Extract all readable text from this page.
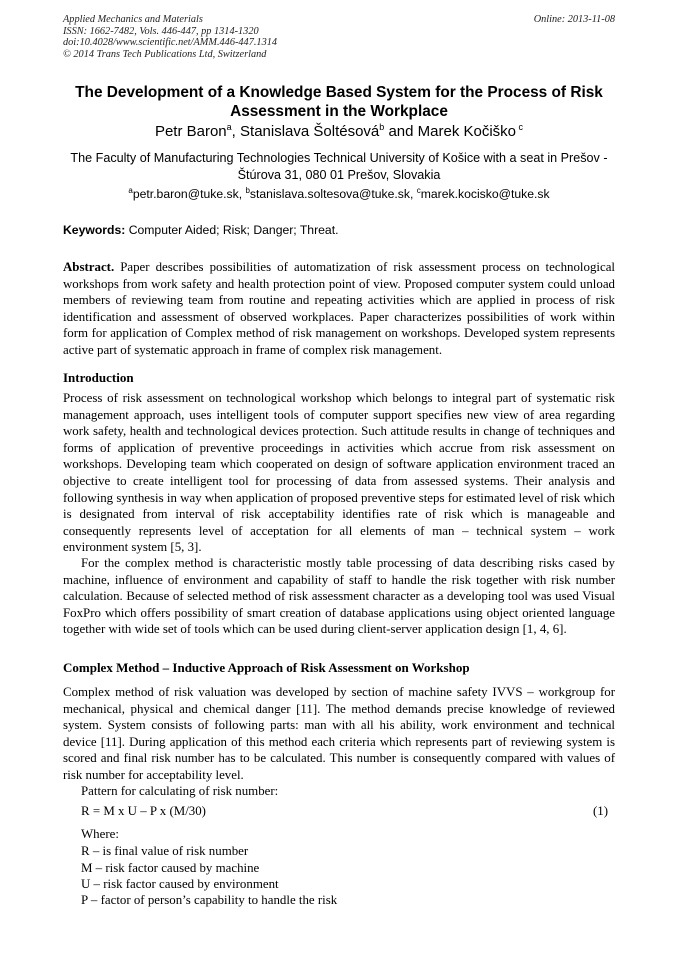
Applied Mechanics and Materials
ISSN: 1662-7482, Vols. 446-447, pp 1314-1320
doi:10.4028/www.scientific.net/AMM.446-447.1314
© 2014 Trans Tech Publications Ltd, Switzerland
Online: 2013-11-08
The Development of a Knowledge Based System for the Process of Risk Assessment in the Workplace
Petr Baron$^a$, Stanislava Šoltésová$^b$ and Marek Kočiško $^c$
The Faculty of Manufacturing Technologies Technical University of Košice with a seat in Prešov - Štúrova 31, 080 01 Prešov, Slovakia
$^a$petr.baron@tuke.sk, $^b$stanislava.soltesova@tuke.sk, $^c$marek.kocisko@tuke.sk
Keywords: Computer Aided; Risk; Danger; Threat.
Abstract. Paper describes possibilities of automatization of risk assessment process on technological workshops from work safety and health protection point of view. Proposed computer system could unload members of reviewing team from routine and repeating activities which are applied in process of risk identification and assessment of observed workplaces. Paper characterizes possibilities of work within form for application of Complex method of risk management on workshops. Developed system represents active part of systematic approach in frame of complex risk management.
Introduction
Process of risk assessment on technological workshop which belongs to integral part of systematic risk management approach, uses intelligent tools of computer support specifies new view of area regarding work safety, health and technological devices protection. Such attitude results in change of techniques and forms of application of preventive proceedings in activities which accrue from risk assessment on workshops. Developing team which cooperated on design of software application environment traced an objective to create intelligent tool for processing of data from assessed systems. Their analysis and following synthesis in way when application of proposed preventive steps for estimated level of risk which is designated from interval of risk acceptability identifies rate of risk which is manageable and consequently represents level of acceptation for all elements of man – technical system – work environment system [5, 3].
For the complex method is characteristic mostly table processing of data describing risks cased by machine, influence of environment and capability of staff to handle the risk together with risk number calculation. Because of selected method of risk assessment character as a developing tool was used Visual FoxPro which offers possibility of smart creation of database applications using object oriented language together with wide set of tools which can be used during client-server application design [1, 4, 6].
Complex Method – Inductive Approach of Risk Assessment on Workshop
Complex method of risk valuation was developed by section of machine safety IVVS – workgroup for mechanical, physical and chemical danger [11]. The method demands precise knowledge of reviewed system. System consists of following parts: man with all his ability, work environment and technical device [11]. During application of this method each criteria which represents part of reviewing system is scored and final risk number has to be calculated. This number is consequently compared with values of risk number for acceptability level.
Pattern for calculating of risk number:
R = M x U – P x (M/30)	(1)
Where:
R – is final value of risk number
M – risk factor caused by machine
U – risk factor caused by environment
P – factor of person’s capability to handle the risk
